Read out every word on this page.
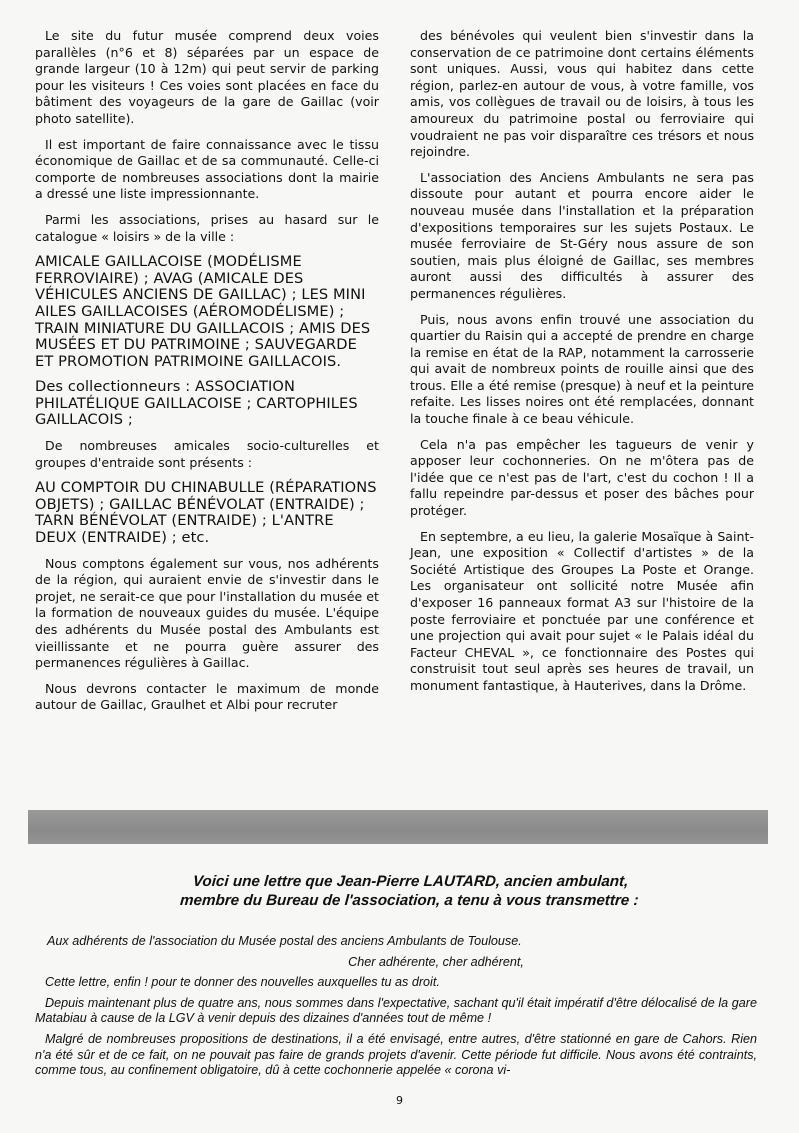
Le site du futur musée comprend deux voies parallèles (n°6 et 8) séparées par un espace de grande largeur (10 à 12m) qui peut servir de parking pour les visiteurs ! Ces voies sont placées en face du bâtiment des voyageurs de la gare de Gaillac (voir photo satellite).

Il est important de faire connaissance avec le tissu économique de Gaillac et de sa communauté. Celle-ci comporte de nombreuses associations dont la mairie a dressé une liste impressionnante.

Parmi les associations, prises au hasard sur le catalogue « loisirs » de la ville :

AMICALE GAILLACOISE (MODÉLISME FERROVIAIRE) ; AVAG (AMICALE DES VÉHICULES ANCIENS DE GAILLAC) ; LES MINI AILES GAILLACOISES (AÉROMODÉLISME) ; TRAIN MINIATURE DU GAILLACOIS ; AMIS DES MUSÉES ET DU PATRIMOINE ; SAUVEGARDE ET PROMOTION PATRIMOINE GAILLACOIS.

Des collectionneurs : ASSOCIATION PHILATÉLIQUE GAILLACOISE ; CARTOPHILES GAILLACOIS ;

De nombreuses amicales socio-culturelles et groupes d'entraide sont présents :

AU COMPTOIR DU CHINABULLE (RÉPARATIONS OBJETS) ; GAILLAC BÉNÉVOLAT (ENTRAIDE) ; TARN BÉNÉVOLAT (ENTRAIDE) ; L'ANTRE DEUX (ENTRAIDE) ; etc.

Nous comptons également sur vous, nos adhérents de la région, qui auraient envie de s'investir dans le projet, ne serait-ce que pour l'installation du musée et la formation de nouveaux guides du musée. L'équipe des adhérents du Musée postal des Ambulants est vieillissante et ne pourra guère assurer des permanences régulières à Gaillac.

Nous devrons contacter le maximum de monde autour de Gaillac, Graulhet et Albi pour recruter

des bénévoles qui veulent bien s'investir dans la conservation de ce patrimoine dont certains éléments sont uniques. Aussi, vous qui habitez dans cette région, parlez-en autour de vous, à votre famille, vos amis, vos collègues de travail ou de loisirs, à tous les amoureux du patrimoine postal ou ferroviaire qui voudraient ne pas voir disparaître ces trésors et nous rejoindre.

L'association des Anciens Ambulants ne sera pas dissoute pour autant et pourra encore aider le nouveau musée dans l'installation et la préparation d'expositions temporaires sur les sujets Postaux. Le musée ferroviaire de St-Géry nous assure de son soutien, mais plus éloigné de Gaillac, ses membres auront aussi des difficultés à assurer des permanences régulières.

Puis, nous avons enfin trouvé une association du quartier du Raisin qui a accepté de prendre en charge la remise en état de la RAP, notamment la carrosserie qui avait de nombreux points de rouille ainsi que des trous. Elle a été remise (presque) à neuf et la peinture refaite. Les lisses noires ont été remplacées, donnant la touche finale à ce beau véhicule.

Cela n'a pas empêcher les tagueurs de venir y apposer leur cochonneries. On ne m'ôtera pas de l'idée que ce n'est pas de l'art, c'est du cochon ! Il a fallu repeindre par-dessus et poser des bâches pour protéger.

En septembre, a eu lieu, la galerie Mosaïque à Saint-Jean, une exposition « Collectif d'artistes » de la Société Artistique des Groupes La Poste et Orange. Les organisateur ont sollicité notre Musée afin d'exposer 16 panneaux format A3 sur l'histoire de la poste ferroviaire et ponctuée par une conférence et une projection qui avait pour sujet « le Palais idéal du Facteur CHEVAL », ce fonctionnaire des Postes qui construisit tout seul après ses heures de travail, un monument fantastique, à Hauterives, dans la Drôme.

Voici une lettre que Jean-Pierre LAUTARD, ancien ambulant,
membre du Bureau de l'association, a tenu à vous transmettre :

Aux adhérents de l'association du Musée postal des anciens Ambulants de Toulouse.

Cher adhérente, cher adhérent,

Cette lettre, enfin ! pour te donner des nouvelles auxquelles tu as droit.

Depuis maintenant plus de quatre ans, nous sommes dans l'expectative, sachant qu'il était impératif d'être délocalisé de la gare Matabiau à cause de la LGV à venir depuis des dizaines d'années tout de même !

Malgré de nombreuses propositions de destinations, il a été envisagé, entre autres, d'être stationné en gare de Cahors. Rien n'a été sûr et de ce fait, on ne pouvait pas faire de grands projets d'avenir. Cette période fut difficile. Nous avons été contraints, comme tous, au confinement obligatoire, dû à cette cochonnerie appelée « corona vi-

9
